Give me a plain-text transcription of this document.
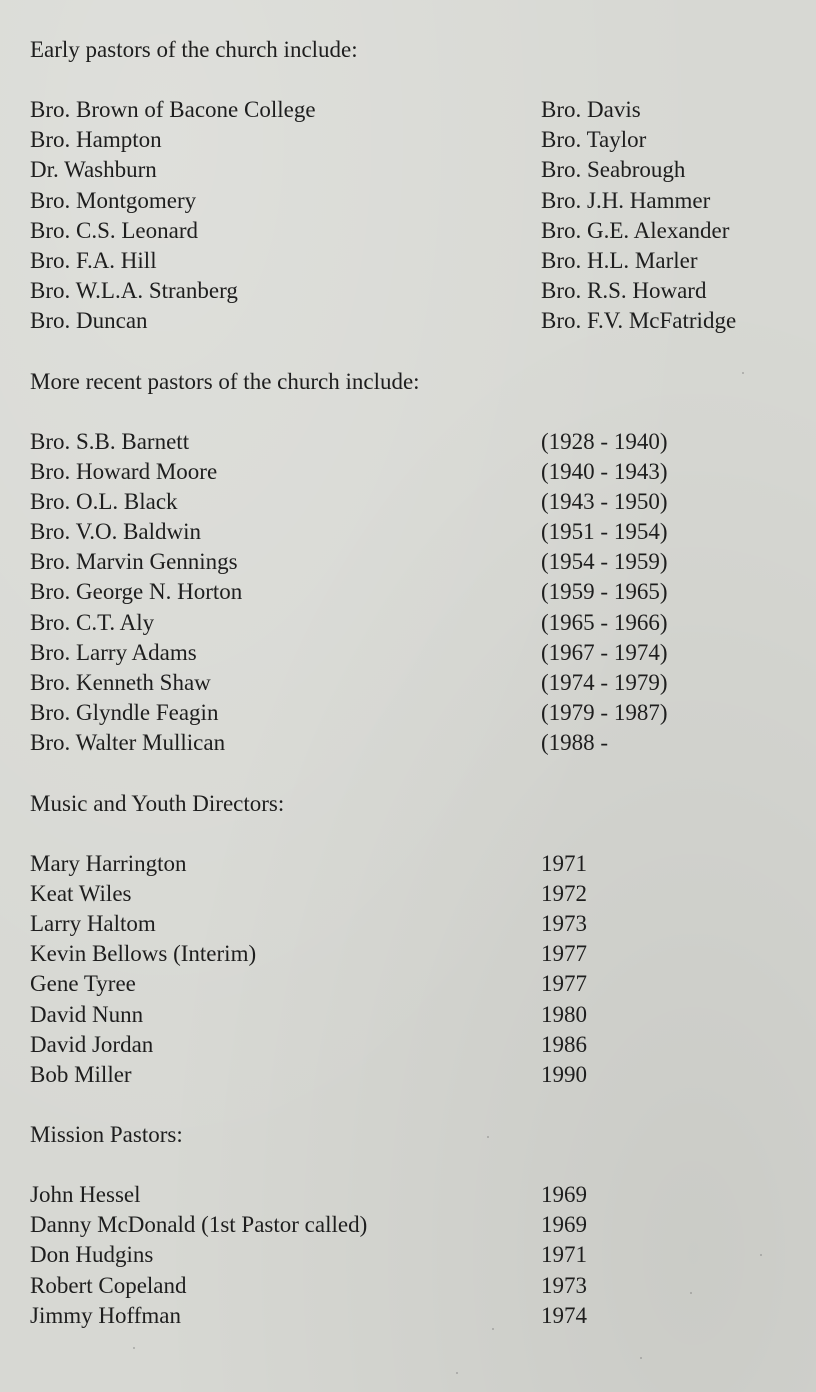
Early pastors of the church include:
Bro. Brown of Bacone College	Bro. Davis
Bro. Hampton	Bro. Taylor
Dr. Washburn	Bro. Seabrough
Bro. Montgomery	Bro. J.H. Hammer
Bro. C.S. Leonard	Bro. G.E. Alexander
Bro. F.A. Hill	Bro. H.L. Marler
Bro. W.L.A. Stranberg	Bro. R.S. Howard
Bro. Duncan	Bro. F.V. McFatridge
More recent pastors of the church include:
Bro. S.B. Barnett	(1928 - 1940)
Bro. Howard Moore	(1940 - 1943)
Bro. O.L. Black	(1943 - 1950)
Bro. V.O. Baldwin	(1951 - 1954)
Bro. Marvin Gennings	(1954 - 1959)
Bro. George N. Horton	(1959 - 1965)
Bro. C.T. Aly	(1965 - 1966)
Bro. Larry Adams	(1967 - 1974)
Bro. Kenneth Shaw	(1974 - 1979)
Bro. Glyndle Feagin	(1979 - 1987)
Bro. Walter Mullican	(1988 -
Music and Youth Directors:
Mary Harrington	1971
Keat Wiles	1972
Larry Haltom	1973
Kevin Bellows (Interim)	1977
Gene Tyree	1977
David Nunn	1980
David Jordan	1986
Bob Miller	1990
Mission Pastors:
John Hessel	1969
Danny McDonald (1st Pastor called)	1969
Don Hudgins	1971
Robert Copeland	1973
Jimmy Hoffman	1974
